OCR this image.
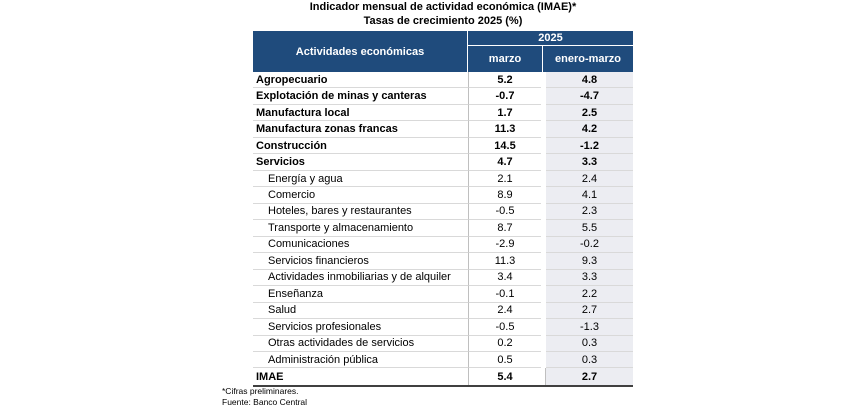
Indicador mensual de actividad económica (IMAE)*
Tasas de crecimiento 2025 (%)
Actividades económicas
2025
marzo	enero-marzo
Agropecuario	5.2	4.8
Explotación de minas y canteras	-0.7	-4.7
Manufactura local	1.7	2.5
Manufactura zonas francas	11.3	4.2
Construcción	14.5	-1.2
Servicios	4.7	3.3
Energía y agua	2.1	2.4
Comercio	8.9	4.1
Hoteles, bares y restaurantes	-0.5	2.3
Transporte y almacenamiento	8.7	5.5
Comunicaciones	-2.9	-0.2
Servicios financieros	11.3	9.3
Actividades inmobiliarias y de alquiler	3.4	3.3
Enseñanza	-0.1	2.2
Salud	2.4	2.7
Servicios profesionales	-0.5	-1.3
Otras actividades de servicios	0.2	0.3
Administración pública	0.5	0.3
IMAE	5.4	2.7
*Cifras preliminares.
Fuente: Banco Central
